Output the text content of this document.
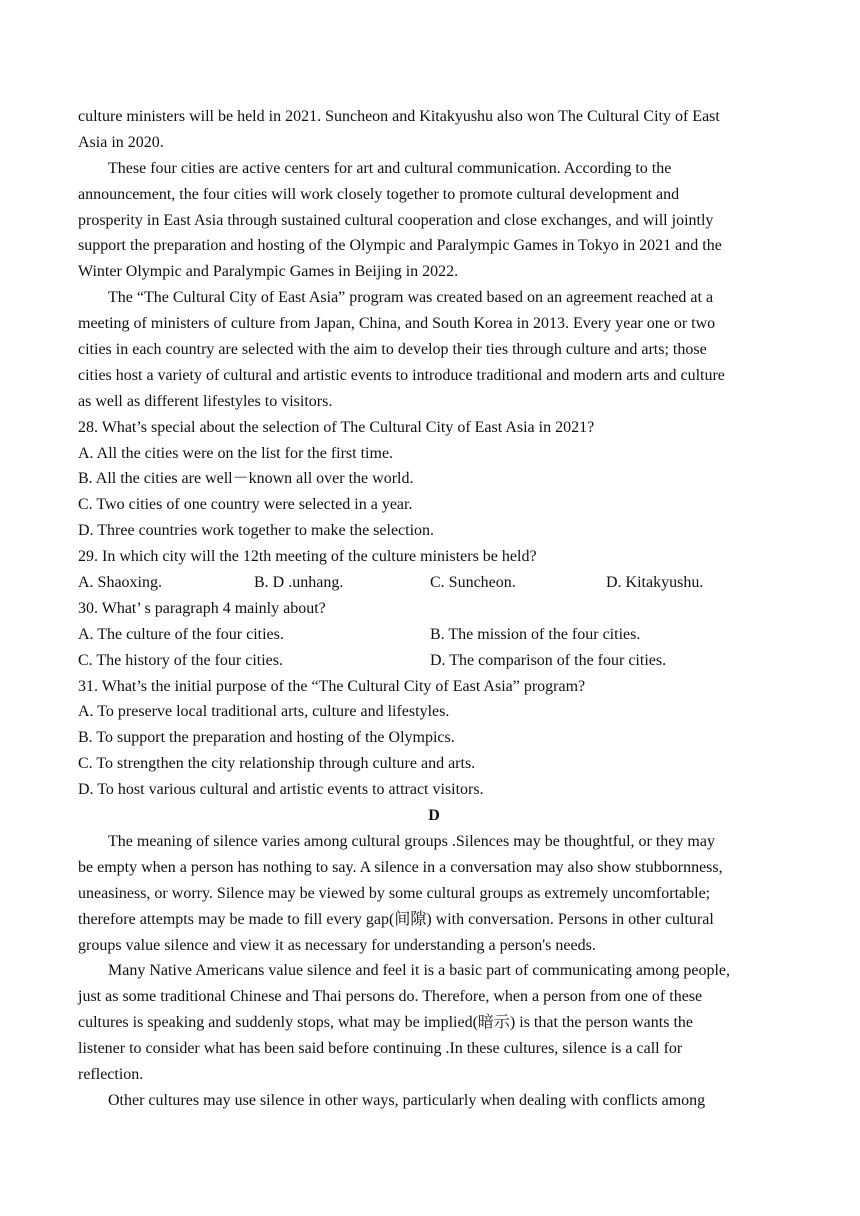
culture ministers will be held in 2021. Suncheon and Kitakyushu also won The Cultural City of East
Asia in 2020.
These four cities are active centers for art and cultural communication. According to the
announcement, the four cities will work closely together to promote cultural development and
prosperity in East Asia through sustained cultural cooperation and close exchanges, and will jointly
support the preparation and hosting of the Olympic and Paralympic Games in Tokyo in 2021 and the
Winter Olympic and Paralympic Games in Beijing in 2022.
The “The Cultural City of East Asia” program was created based on an agreement reached at a
meeting of ministers of culture from Japan, China, and South Korea in 2013. Every year one or two
cities in each country are selected with the aim to develop their ties through culture and arts; those
cities host a variety of cultural and artistic events to introduce traditional and modern arts and culture
as well as different lifestyles to visitors.
28. What’s special about the selection of The Cultural City of East Asia in 2021?
A. All the cities were on the list for the first time.
B. All the cities are well－known all over the world.
C. Two cities of one country were selected in a year.
D. Three countries work together to make the selection.
29. In which city will the 12th meeting of the culture ministers be held?
A. Shaoxing.	B. D .unhang.	C. Suncheon.	D. Kitakyushu.
30. What’ s paragraph 4 mainly about?
A. The culture of the four cities.	B. The mission of the four cities.
C. The history of the four cities.	D. The comparison of the four cities.
31. What’s the initial purpose of the “The Cultural City of East Asia” program?
A. To preserve local traditional arts, culture and lifestyles.
B. To support the preparation and hosting of the Olympics.
C. To strengthen the city relationship through culture and arts.
D. To host various cultural and artistic events to attract visitors.
D
The meaning of silence varies among cultural groups .Silences may be thoughtful, or they may
be empty when a person has nothing to say. A silence in a conversation may also show stubbornness,
uneasiness, or worry. Silence may be viewed by some cultural groups as extremely uncomfortable;
therefore attempts may be made to fill every gap(间隙) with conversation. Persons in other cultural
groups value silence and view it as necessary for understanding a person's needs.
Many Native Americans value silence and feel it is a basic part of communicating among people,
just as some traditional Chinese and Thai persons do. Therefore, when a person from one of these
cultures is speaking and suddenly stops, what may be implied(暗示) is that the person wants the
listener to consider what has been said before continuing .In these cultures, silence is a call for
reflection.
Other cultures may use silence in other ways, particularly when dealing with conflicts among
